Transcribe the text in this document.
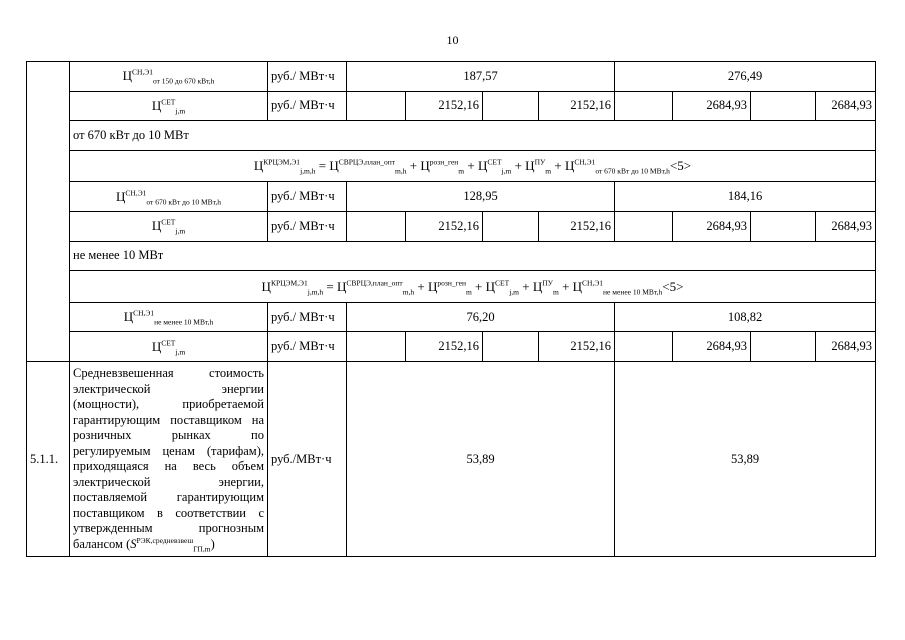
10
	$Ц^{СН,Э1}_{от 150 до 670 кВт,h}$	руб./ МВт·ч	187,57				276,49			
	$Ц^{СЕТ}_{j,m}$	руб./ МВт·ч		2152,16		2152,16		2684,93		2684,93
	от 670 кВт до 10 МВт									
	$Ц^{КРЦЭМ,Э1}_{j,m,h} = Ц^{СВРЦЭ,план\_опт}_{m,h} + Ц^{розн\_ген}_m + Ц^{СЕТ}_{j,m} + Ц^{ПУ}_m + Ц^{СН,Э1}_{от 670 кВт до 10 МВт,h}<5>$									
	$Ц^{СН,Э1}_{от 670 кВт до 10 МВт,h}$	руб./ МВт·ч	128,95				184,16			
	$Ц^{СЕТ}_{j,m}$	руб./ МВт·ч		2152,16		2152,16		2684,93		2684,93
	не менее 10 МВт									
	$Ц^{КРЦЭМ,Э1}_{j,m,h} = Ц^{СВРЦЭ,план\_опт}_{m,h} + Ц^{розн\_ген}_m + Ц^{СЕТ}_{j,m} + Ц^{ПУ}_m + Ц^{СН,Э1}_{не менее 10 МВт,h}<5>$									
	$Ц^{СН,Э1}_{не менее 10 МВт,h}$	руб./ МВт·ч	76,20				108,82			
	$Ц^{СЕТ}_{j,m}$	руб./ МВт·ч		2152,16		2152,16		2684,93		2684,93
5.1.1.	Средневзвешенная стоимость электрической энергии (мощности), приобретаемой гарантирующим поставщиком на розничных рынках по регулируемым ценам (тарифам), приходящаяся на весь объем электрической энергии, поставляемой гарантирующим поставщиком в соответствии с утвержденным прогнозным балансом $(S^{РЭК,средневзвеш}_{ГП,m})$	руб./МВт·ч	53,89				53,89			
